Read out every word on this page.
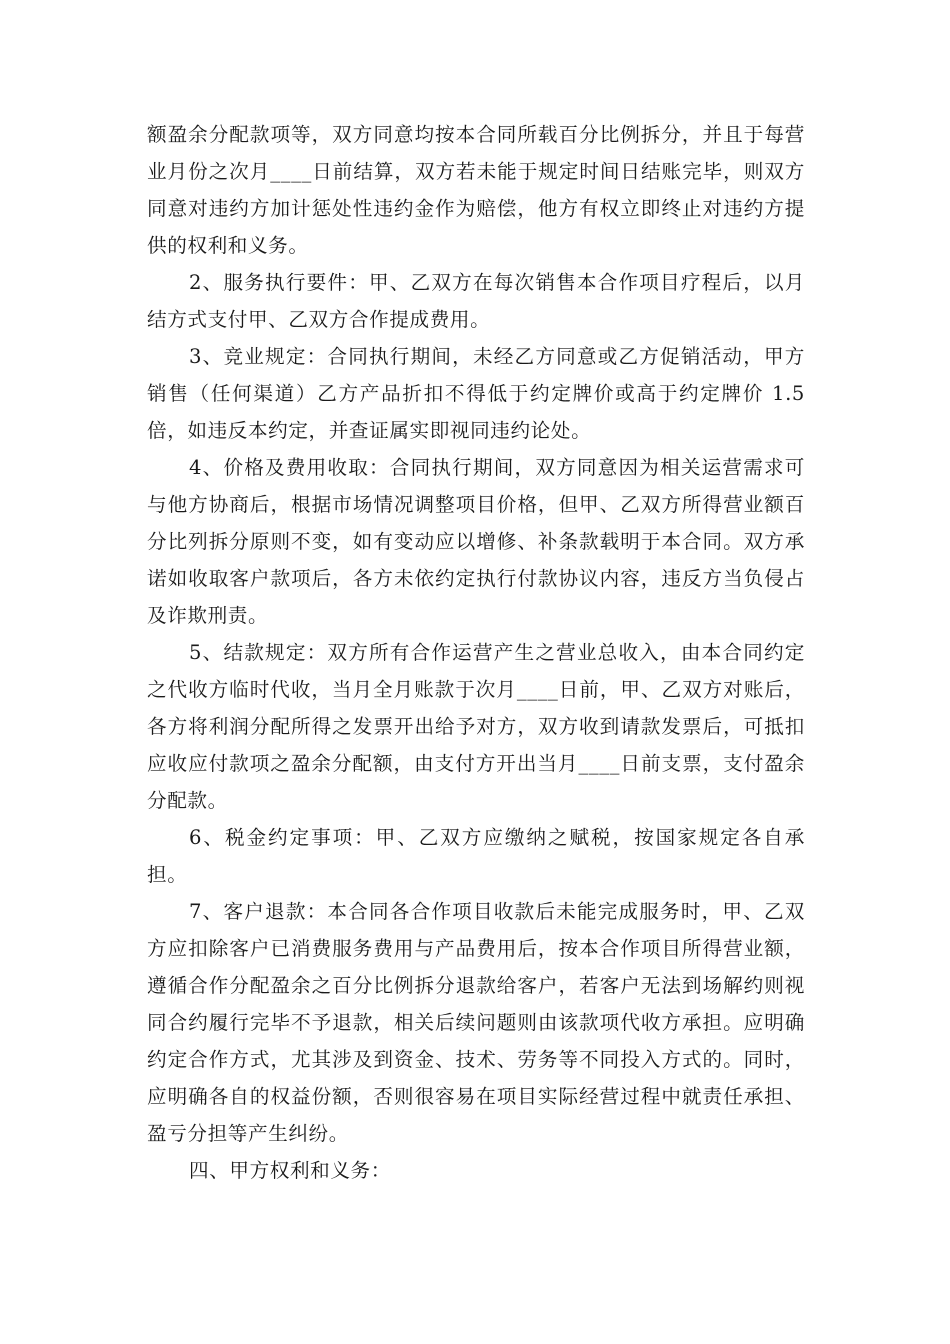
额盈余分配款项等，双方同意均按本合同所载百分比例拆分，并且于每营业月份之次月____日前结算，双方若未能于规定时间日结账完毕，则双方同意对违约方加计惩处性违约金作为赔偿，他方有权立即终止对违约方提供的权利和义务。

2、服务执行要件：甲、乙双方在每次销售本合作项目疗程后，以月结方式支付甲、乙双方合作提成费用。

3、竞业规定：合同执行期间，未经乙方同意或乙方促销活动，甲方销售（任何渠道）乙方产品折扣不得低于约定牌价或高于约定牌价 1.5 倍，如违反本约定，并查证属实即视同违约论处。

4、价格及费用收取：合同执行期间，双方同意因为相关运营需求可与他方协商后，根据市场情况调整项目价格，但甲、乙双方所得营业额百分比列拆分原则不变，如有变动应以增修、补条款载明于本合同。双方承诺如收取客户款项后，各方未依约定执行付款协议内容，违反方当负侵占及诈欺刑责。

5、结款规定：双方所有合作运营产生之营业总收入，由本合同约定之代收方临时代收，当月全月账款于次月____日前，甲、乙双方对账后，各方将利润分配所得之发票开出给予对方，双方收到请款发票后，可抵扣应收应付款项之盈余分配额，由支付方开出当月____日前支票，支付盈余分配款。

6、税金约定事项：甲、乙双方应缴纳之赋税，按国家规定各自承担。

7、客户退款：本合同各合作项目收款后未能完成服务时，甲、乙双方应扣除客户已消费服务费用与产品费用后，按本合作项目所得营业额，遵循合作分配盈余之百分比例拆分退款给客户，若客户无法到场解约则视同合约履行完毕不予退款，相关后续问题则由该款项代收方承担。应明确约定合作方式，尤其涉及到资金、技术、劳务等不同投入方式的。同时，应明确各自的权益份额，否则很容易在项目实际经营过程中就责任承担、盈亏分担等产生纠纷。

四、甲方权利和义务：
